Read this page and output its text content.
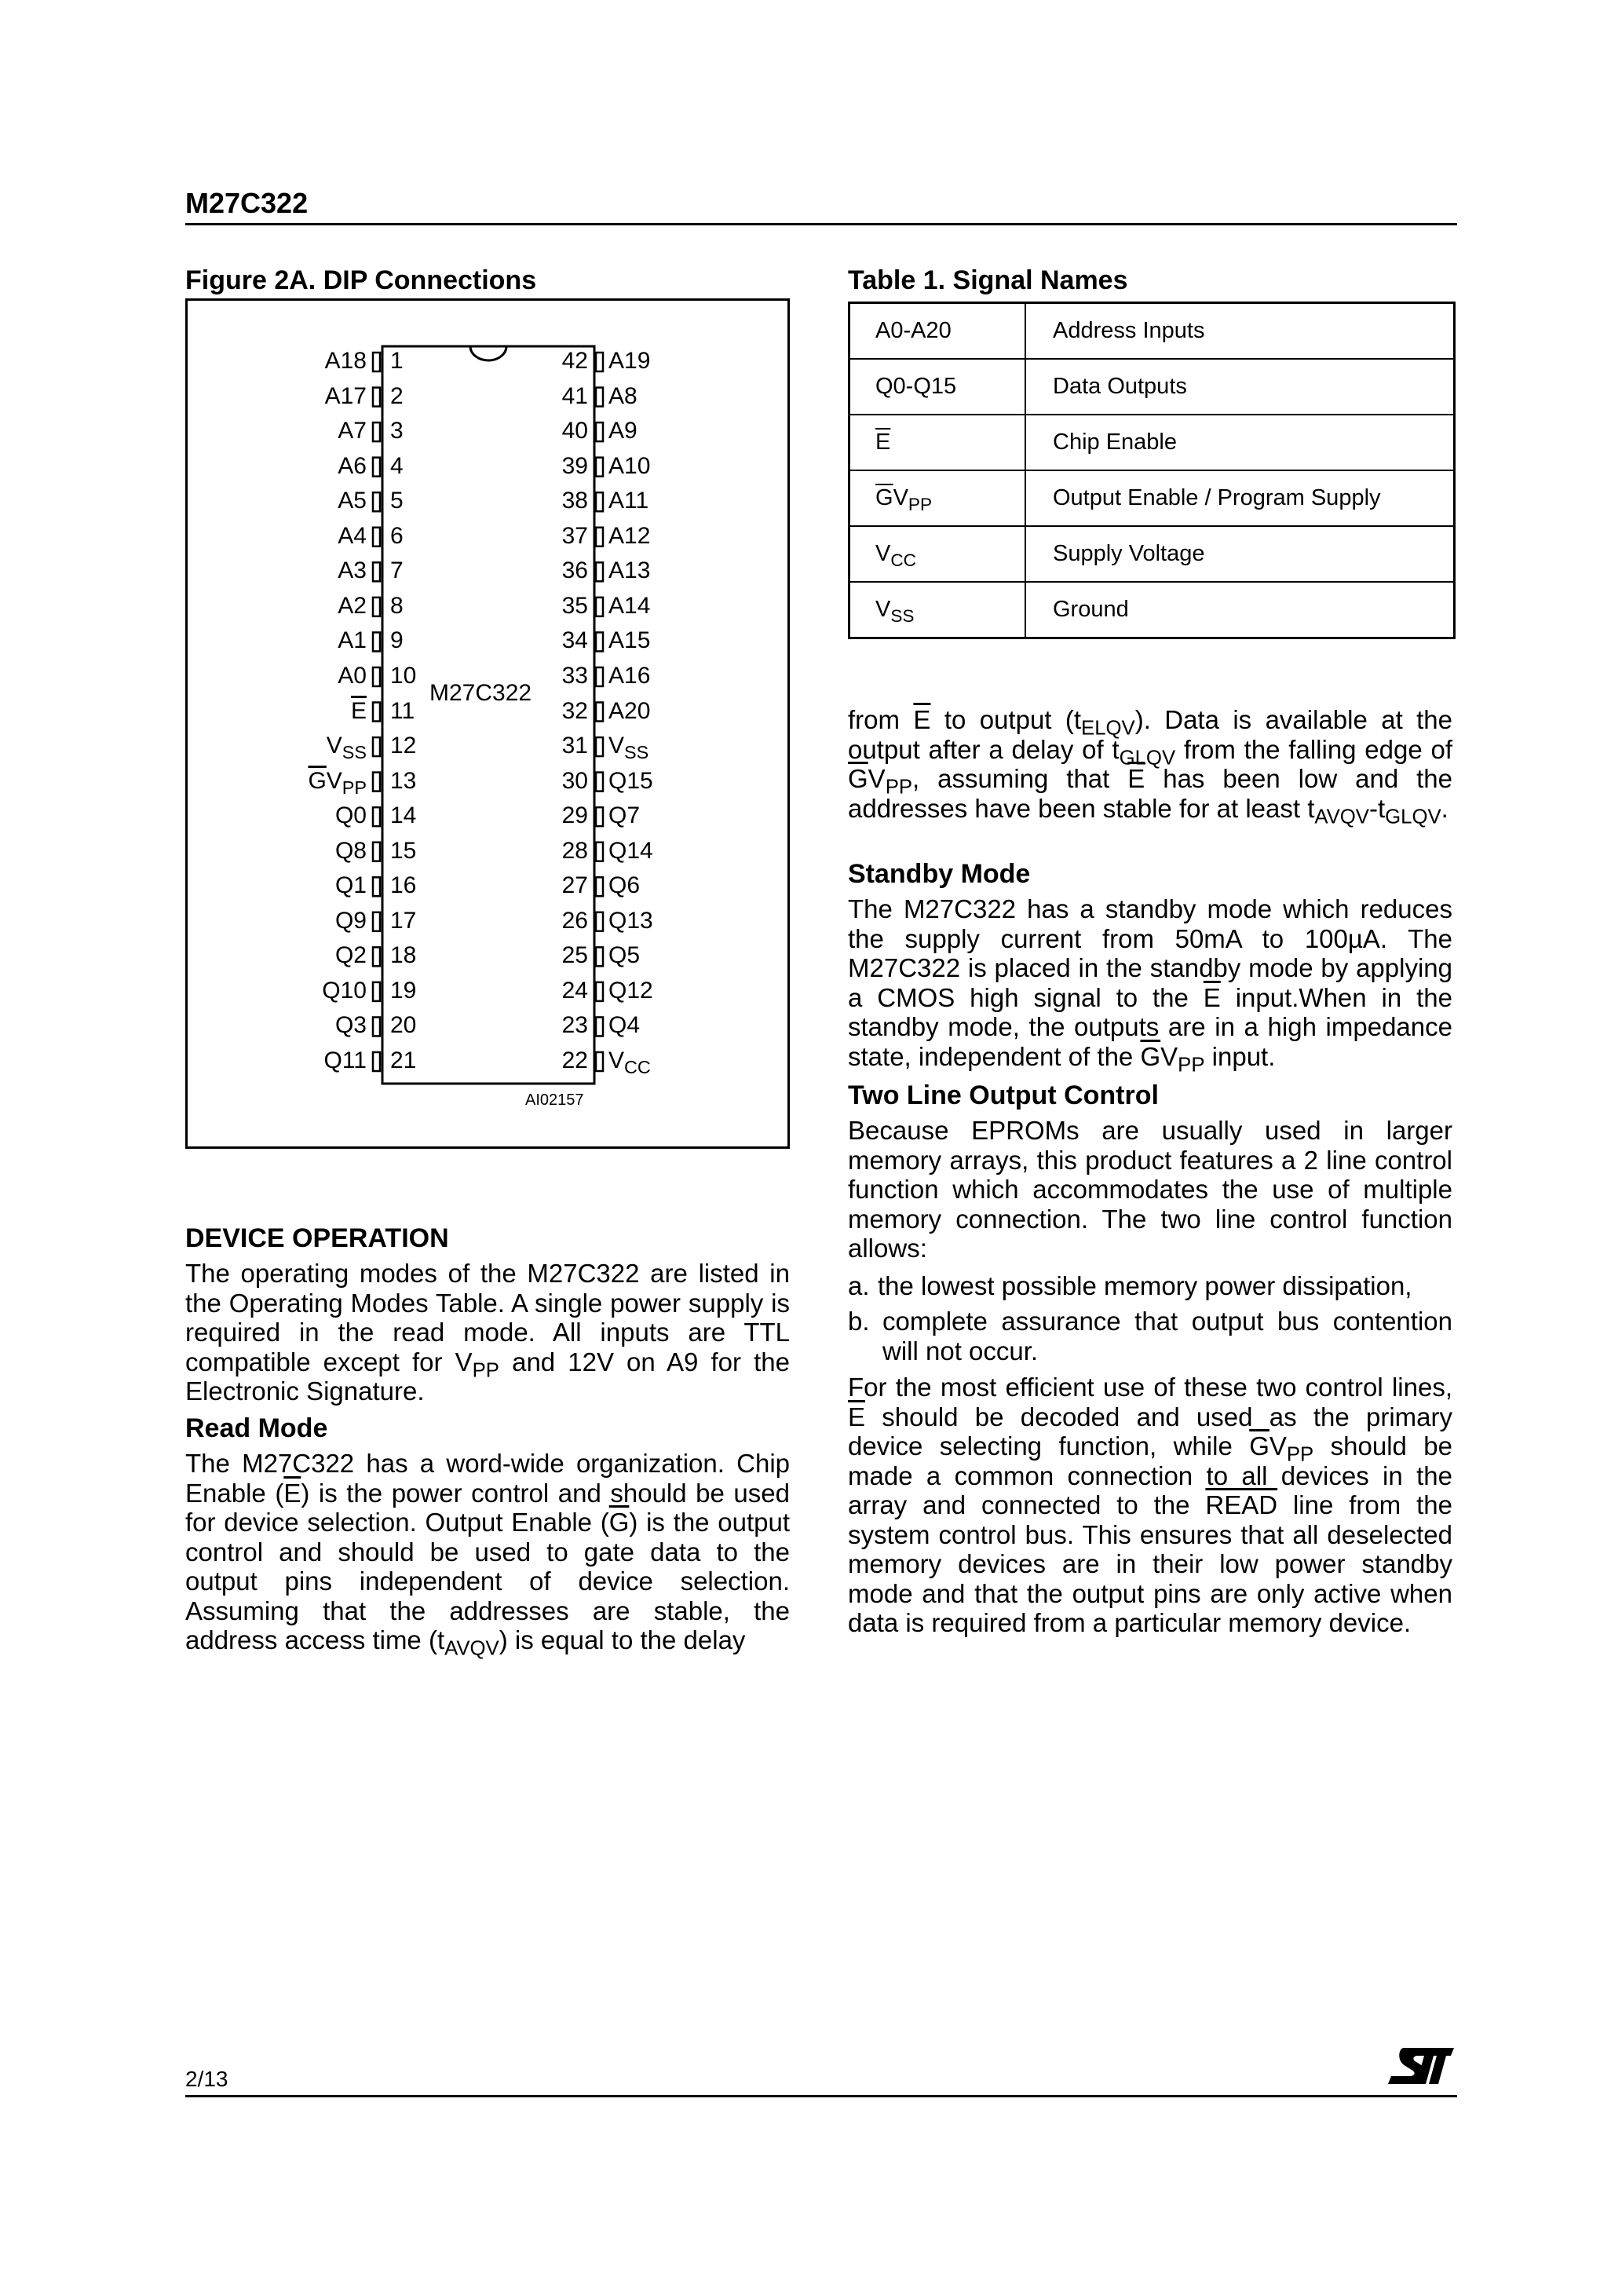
M27C322
Figure 2A. DIP Connections
A18 1
A17 2
A7 3
A6 4
A5 5
A4 6
A3 7
A2 8
A1 9
A0 10
$\overline{E}$ 11
$V_{SS}$ 12
$\overline{G}V_{PP}$ 13
Q0 14
Q8 15
Q1 16
Q9 17
Q2 18
Q10 19
Q3 20
Q11 21
A19
42
A8
41
A9
40
A10
39
A11
38
A12
37
A13
36
A14
35
A15
34
A16
33
A20
32
$V_{SS}$
31
Q15
30
Q7
29
Q14
28
Q6
27
Q13
26
Q5
25
Q12
24
Q4
23
$V_{CC}$
22
M27C322
AI02157
Table 1. Signal Names
A0-A20	Address Inputs
Q0-Q15	Data Outputs
$\overline{E}$	Chip Enable
$\overline{G}V_{PP}$	Output Enable / Program Supply
$V_{CC}$	Supply Voltage
$V_{SS}$	Ground
DEVICE OPERATION

The operating modes of the M27C322 are listed in the Operating Modes Table. A single power supply is required in the read mode. All inputs are TTL compatible except for $V_{PP}$ and 12V on A9 for the Electronic Signature.

Read Mode

The M27C322 has a word-wide organization. Chip Enable $(\overline{E})$ is the power control and should be used for device selection. Output Enable $(\overline{G})$ is the output control and should be used to gate data to the output pins independent of device selection. Assuming that the addresses are stable, the address access time $(t_{AVQV})$ is equal to the delay

from $\overline{E}$ to output $(t_{ELQV})$. Data is available at the output after a delay of $t_{GLQV}$ from the falling edge of $\overline{G}V_{PP}$, assuming that $\overline{E}$ has been low and the addresses have been stable for at least $t_{AVQV}-t_{GLQV}$.

Standby Mode

The M27C322 has a standby mode which reduces the supply current from 50mA to 100µA. The M27C322 is placed in the standby mode by applying a CMOS high signal to the $\overline{E}$ input.When in the standby mode, the outputs are in a high impedance state, independent of the $\overline{G}V_{PP}$ input.

Two Line Output Control

Because EPROMs are usually used in larger memory arrays, this product features a 2 line control function which accommodates the use of multiple memory connection. The two line control function allows:

a. the lowest possible memory power dissipation,
b. complete assurance that output bus contention will not occur.

For the most efficient use of these two control lines, $\overline{E}$ should be decoded and used as the primary device selecting function, while $\overline{G}V_{PP}$ should be made a common connection to all devices in the array and connected to the READ line from the system control bus. This ensures that all deselected memory devices are in their low power standby mode and that the output pins are only active when data is required from a particular memory device.

2/13
